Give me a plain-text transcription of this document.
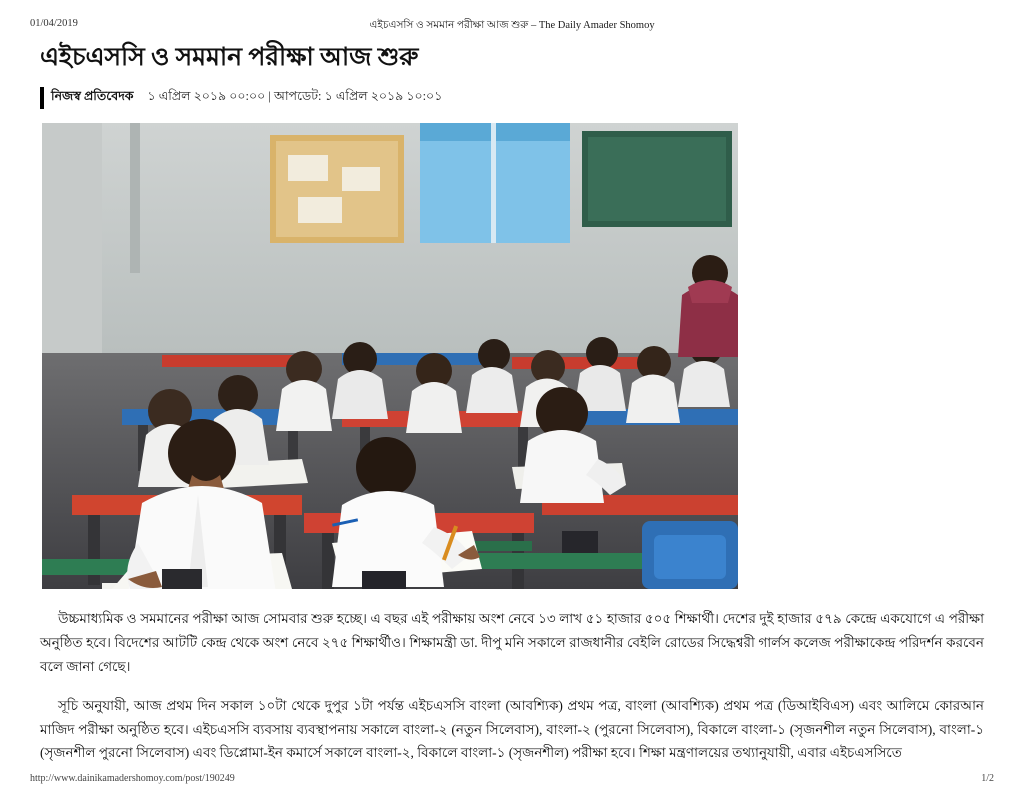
01/04/2019	এইচএসসি ও সমমান পরীক্ষা আজ শুরু – The Daily Amader Shomoy
এইচএসসি ও সমমান পরীক্ষা আজ শুরু
নিজস্ব প্রতিবেদক	১ এপ্রিল ২০১৯ ০০:০০ | আপডেট: ১ এপ্রিল ২০১৯ ১০:০১

উচ্চমাধ্যমিক ও সমমানের পরীক্ষা আজ সোমবার শুরু হচ্ছে। এ বছর এই পরীক্ষায় অংশ নেবে ১৩ লাখ ৫১ হাজার ৫০৫ শিক্ষার্থী। দেশের দুই হাজার ৫৭৯ কেন্দ্রে একযোগে এ পরীক্ষা অনুষ্ঠিত হবে। বিদেশের আটটি কেন্দ্র থেকে অংশ নেবে ২৭৫ শিক্ষার্থীও। শিক্ষামন্ত্রী ডা. দীপু মনি সকালে রাজধানীর বেইলি রোডের সিদ্ধেশ্বরী গার্লস কলেজ পরীক্ষাকেন্দ্র পরিদর্শন করবেন বলে জানা গেছে।

সূচি অনুযায়ী, আজ প্রথম দিন সকাল ১০টা থেকে দুপুর ১টা পর্যন্ত এইচএসসি বাংলা (আবশ্যিক) প্রথম পত্র, বাংলা (আবশ্যিক) প্রথম পত্র (ডিআইবিএস) এবং আলিমে কোরআন মাজিদ পরীক্ষা অনুষ্ঠিত হবে। এইচএসসি ব্যবসায় ব্যবস্থাপনায় সকালে বাংলা-২ (নতুন সিলেবাস), বাংলা-২ (পুরনো সিলেবাস), বিকালে বাংলা-১ (সৃজনশীল নতুন সিলেবাস), বাংলা-১ (সৃজনশীল পুরনো সিলেবাস) এবং ডিপ্লোমা-ইন কমার্সে সকালে বাংলা-২, বিকালে বাংলা-১ (সৃজনশীল) পরীক্ষা হবে। শিক্ষা মন্ত্রণালয়ের তথ্যানুযায়ী, এবার এইচএসসিতে

http://www.dainikamadershomoy.com/post/190249	1/2
